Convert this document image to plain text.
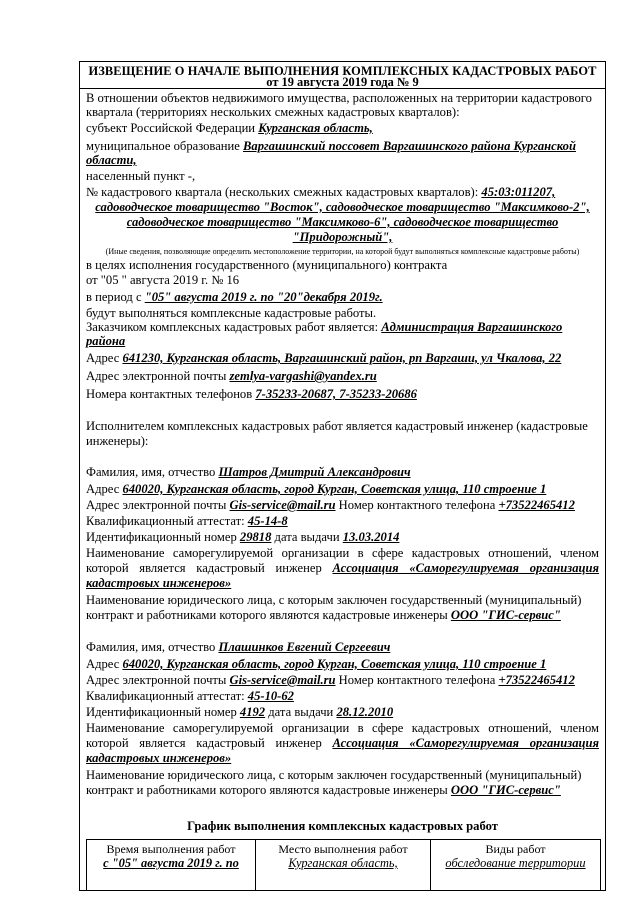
ИЗВЕЩЕНИЕ О НАЧАЛЕ ВЫПОЛНЕНИЯ КОМПЛЕКСНЫХ КАДАСТРОВЫХ РАБОТ
от 19 августа 2019 года № 9
В отношении объектов недвижимого имущества, расположенных на территории кадастрового
квартала (территориях нескольких смежных кадастровых кварталов):
субъект Российской Федерации Курганская область,
муниципальное образование Варгашинский поссовет Варгашинского района Курганской
области,
населенный пункт -,
№ кадастрового квартала (нескольких смежных кадастровых кварталов): 45:03:011207,
садоводческое товарищество "Восток", садоводческое товарищество "Максимково-2",
садоводческое товарищество "Максимково-6", садоводческое товарищество
"Придорожный",
(Иные сведения, позволяющие определить местоположение территории, на которой будут выполняться комплексные кадастровые работы)
в целях исполнения государственного (муниципального) контракта
от "05 " августа 2019 г. № 16
в период с "05" августа 2019 г. по "20"декабря 2019г.
будут выполняться комплексные кадастровые работы.
Заказчиком комплексных кадастровых работ является: Администрация Варгашинского
района
Адрес 641230, Курганская область, Варгашинский район, рп Варгаши, ул Чкалова, 22
Адрес электронной почты zemlya-vargashi@yandex.ru
Номера контактных телефонов 7-35233-20687, 7-35233-20686
Исполнителем комплексных кадастровых работ является кадастровый инженер (кадастровые
инженеры):
Фамилия, имя, отчество Шатров Дмитрий Александрович
Адрес 640020, Курганская область, город Курган, Советская улица, 110 строение 1
Адрес электронной почты Gis-service@mail.ru Номер контактного телефона +73522465412
Квалификационный аттестат: 45-14-8
Идентификационный номер 29818 дата выдачи 13.03.2014
Наименование саморегулируемой организации в сфере кадастровых отношений, членом
которой является кадастровый инженер Ассоциация «Саморегулируемая организация
кадастровых инженеров»
Наименование юридического лица, с которым заключен государственный (муниципальный)
контракт и работниками которого являются кадастровые инженеры ООО "ГИС-сервис"
Фамилия, имя, отчество Плашинков Евгений Сергеевич
Адрес 640020, Курганская область, город Курган, Советская улица, 110 строение 1
Адрес электронной почты Gis-service@mail.ru Номер контактного телефона +73522465412
Квалификационный аттестат: 45-10-62
Идентификационный номер 4192 дата выдачи 28.12.2010
Наименование саморегулируемой организации в сфере кадастровых отношений, членом
которой является кадастровый инженер Ассоциация «Саморегулируемая организация
кадастровых инженеров»
Наименование юридического лица, с которым заключен государственный (муниципальный)
контракт и работниками которого являются кадастровые инженеры ООО "ГИС-сервис"
График выполнения комплексных кадастровых работ
Время выполнения работ
с "05" августа 2019 г. по
Место выполнения работ
Курганская область,
Виды работ
обследование территории
